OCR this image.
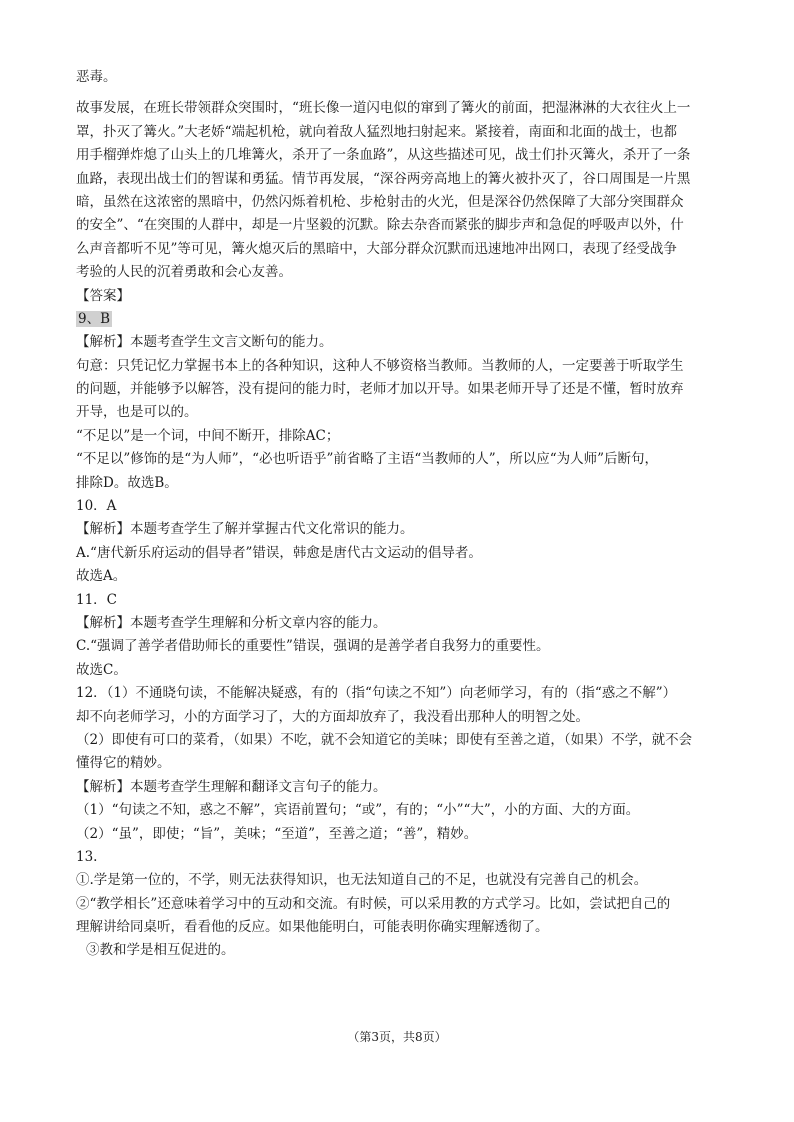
恶毒。
故事发展，在班长带领群众突围时，“班长像一道闪电似的窜到了篝火的前面，把湿淋淋的大衣往火上一
罩，扑灭了篝火。”大老娇“端起机枪，就向着敌人猛烈地扫射起来。紧接着，南面和北面的战士，也都
用手榴弹炸熄了山头上的几堆篝火，杀开了一条血路”，从这些描述可见，战士们扑灭篝火，杀开了一条
血路，表现出战士们的智谋和勇猛。情节再发展，“深谷两旁高地上的篝火被扑灭了，谷口周围是一片黑
暗，虽然在这浓密的黑暗中，仍然闪烁着机枪、步枪射击的火光，但是深谷仍然保障了大部分突围群众
的安全”、“在突围的人群中，却是一片坚毅的沉默。除去杂沓而紧张的脚步声和急促的呼吸声以外，什
么声音都听不见”等可见，篝火熄灭后的黑暗中，大部分群众沉默而迅速地冲出网口，表现了经受战争
考验的人民的沉着勇敢和会心友善。
【答案】
9、B
【解析】本题考查学生文言文断句的能力。
句意：只凭记忆力掌握书本上的各种知识，这种人不够资格当教师。当教师的人，一定要善于听取学生
的问题，并能够予以解答，没有提问的能力时，老师才加以开导。如果老师开导了还是不懂，暂时放弃
开导，也是可以的。
“不足以”是一个词，中间不断开，排除AC；
“不足以”修饰的是“为人师”，“必也听语乎”前省略了主语“当教师的人”，所以应“为人师”后断句，
排除D。故选B。
10．A
【解析】本题考查学生了解并掌握古代文化常识的能力。
A.“唐代新乐府运动的倡导者”错误，韩愈是唐代古文运动的倡导者。
故选A。
11．C
【解析】本题考查学生理解和分析文章内容的能力。
C.“强调了善学者借助师长的重要性”错误，强调的是善学者自我努力的重要性。
故选C。
12．（1）不通晓句读，不能解决疑惑，有的（指“句读之不知”）向老师学习，有的（指“惑之不解”）
却不向老师学习，小的方面学习了，大的方面却放弃了，我没看出那种人的明智之处。
（2）即使有可口的菜肴，（如果）不吃，就不会知道它的美味；即使有至善之道，（如果）不学，就不会
懂得它的精妙。
【解析】本题考查学生理解和翻译文言句子的能力。
（1）“句读之不知，惑之不解”，宾语前置句；“或”，有的；“小”“大”，小的方面、大的方面。
（2）“虽”，即使；“旨”，美味；“至道”，至善之道；“善”，精妙。
13.
①.学是第一位的，不学，则无法获得知识，也无法知道自己的不足，也就没有完善自己的机会。
②“教学相长”还意味着学习中的互动和交流。有时候，可以采用教的方式学习。比如，尝试把自己的
理解讲给同桌听，看看他的反应。如果他能明白，可能表明你确实理解透彻了。
③教和学是相互促进的。
（第3页，共8页）
